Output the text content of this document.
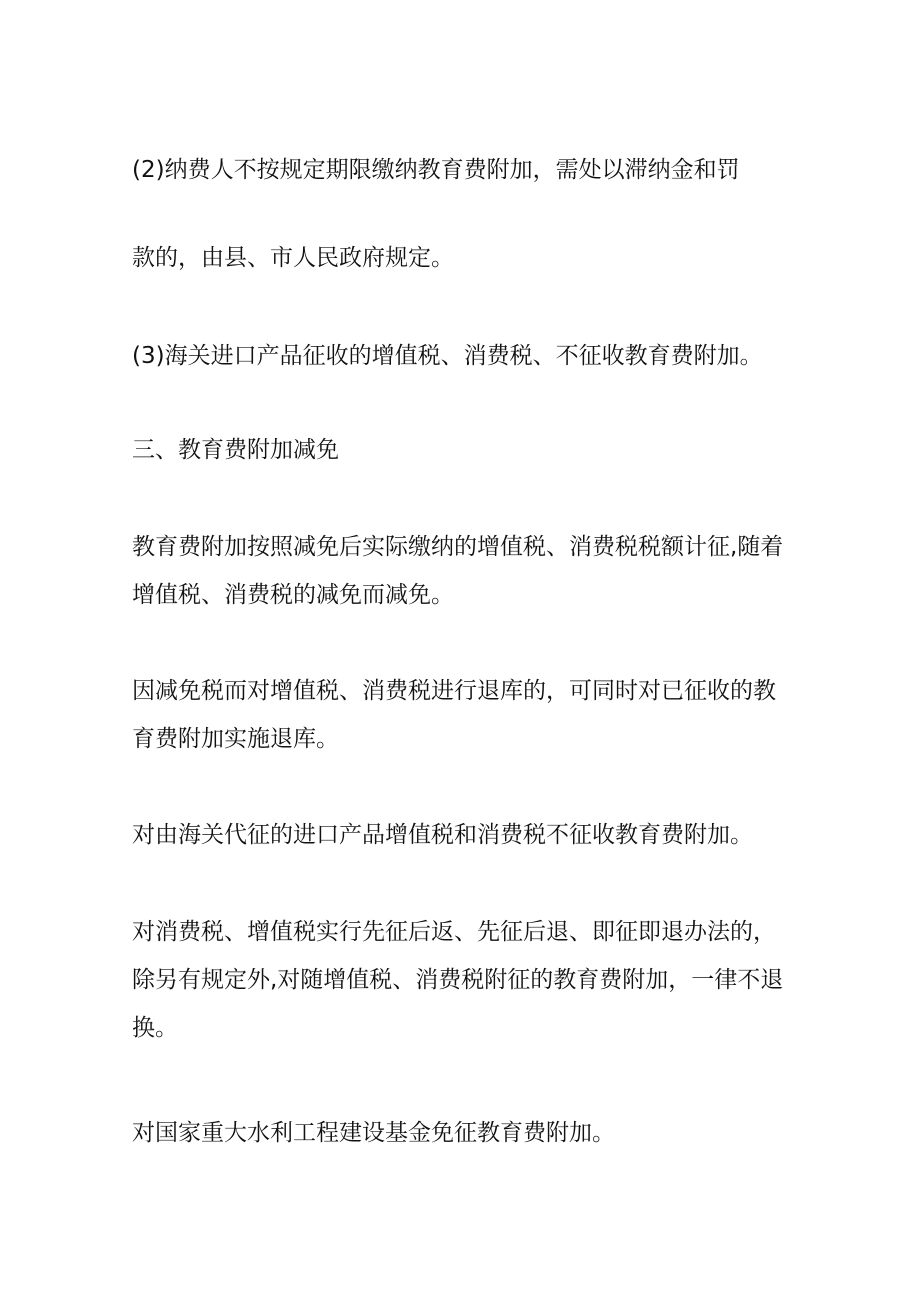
(2)纳费人不按规定期限缴纳教育费附加，需处以滞纳金和罚
款的，由县、市人民政府规定。
(3)海关进口产品征收的增值税、消费税、不征收教育费附加。
三、教育费附加减免
教育费附加按照减免后实际缴纳的增值税、消费税税额计征,随着
增值税、消费税的减免而减免。
因减免税而对增值税、消费税进行退库的，可同时对已征收的教
育费附加实施退库。
对由海关代征的进口产品增值税和消费税不征收教育费附加。
对消费税、增值税实行先征后返、先征后退、即征即退办法的，
除另有规定外,对随增值税、消费税附征的教育费附加，一律不退
换。
对国家重大水利工程建设基金免征教育费附加。
